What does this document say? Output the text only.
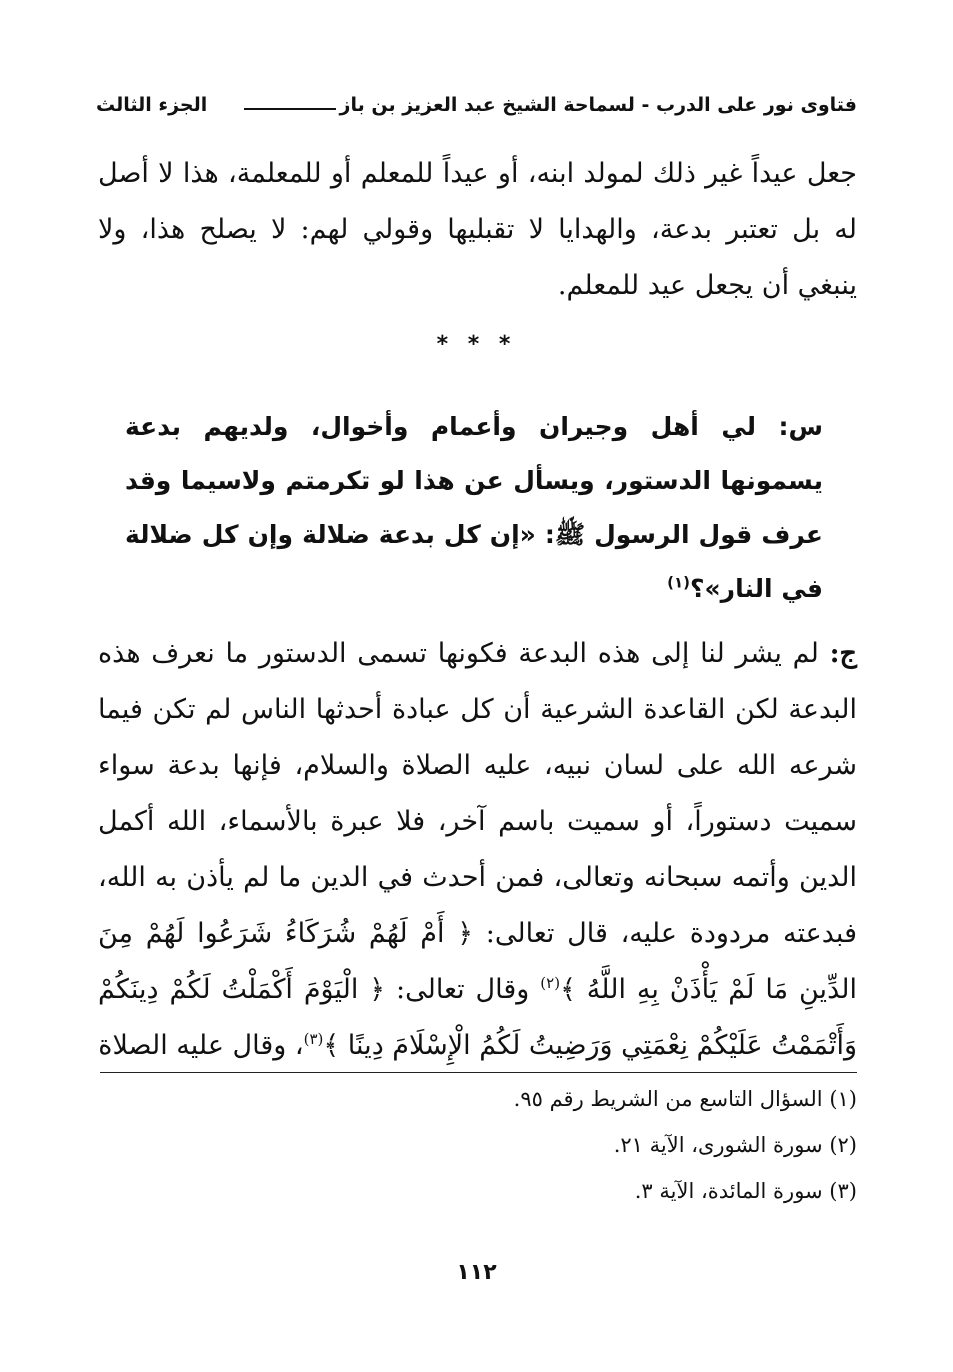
فتاوى نور على الدرب - لسماحة الشيخ عبد العزيز بن باز
الجزء الثالث
جعل عيداً غير ذلك لمولد ابنه، أو عيداً للمعلم أو للمعلمة، هذا لا أصل له بل تعتبر بدعة، والهدايا لا تقبليها وقولي لهم: لا يصلح هذا، ولا ينبغي أن يجعل عيد للمعلم.
* * *
س: لي أهل وجيران وأعمام وأخوال، ولديهم بدعة يسمونها الدستور، ويسأل عن هذا لو تكرمتم ولاسيما وقد عرف قول الرسول ﷺ: «إن كل بدعة ضلالة وإن كل ضلالة في النار»؟$^{(١)}$
ج: لم يشر لنا إلى هذه البدعة فكونها تسمى الدستور ما نعرف هذه البدعة لكن القاعدة الشرعية أن كل عبادة أحدثها الناس لم تكن فيما شرعه الله على لسان نبيه، عليه الصلاة والسلام، فإنها بدعة سواء سميت دستوراً، أو سميت باسم آخر، فلا عبرة بالأسماء، الله أكمل الدين وأتمه سبحانه وتعالى، فمن أحدث في الدين ما لم يأذن به الله، فبدعته مردودة عليه، قال تعالى: ﴿ أَمْ لَهُمْ شُرَكَاءُ شَرَعُوا لَهُمْ مِنَ الدِّينِ مَا لَمْ يَأْذَنْ بِهِ اللَّهُ ﴾$^{(٢)}$ وقال تعالى: ﴿ الْيَوْمَ أَكْمَلْتُ لَكُمْ دِينَكُمْ وَأَتْمَمْتُ عَلَيْكُمْ نِعْمَتِي وَرَضِيتُ لَكُمُ الْإِسْلَامَ دِينًا ﴾$^{(٣)}$، وقال عليه الصلاة
(١) السؤال التاسع من الشريط رقم ٩٥.
(٢) سورة الشورى، الآية ٢١.
(٣) سورة المائدة، الآية ٣.
١١٢
